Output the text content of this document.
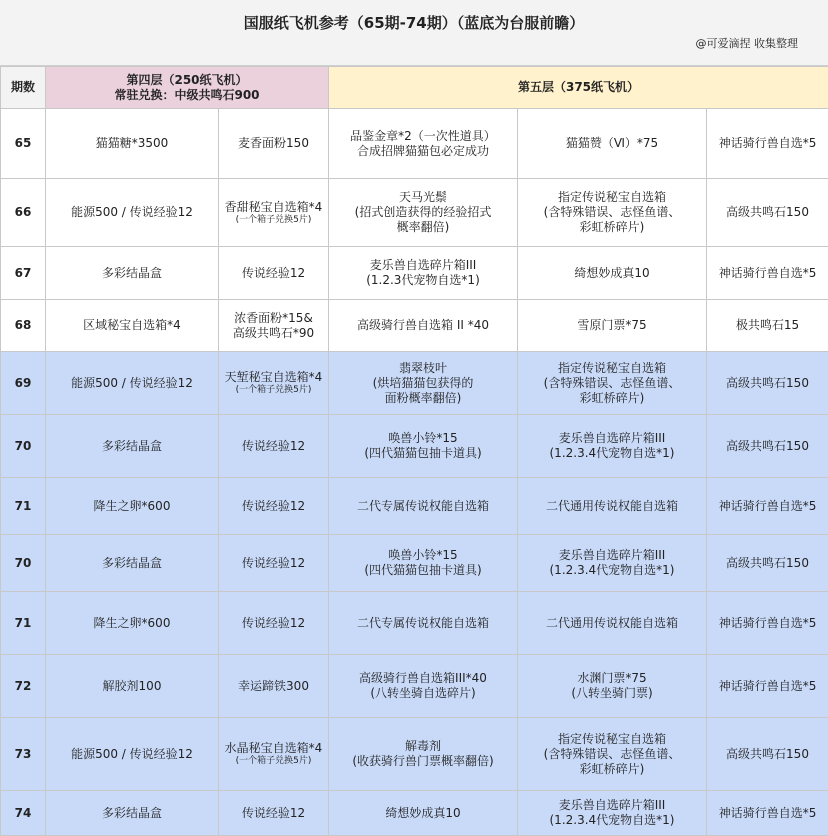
国服纸飞机参考（65期-74期）（蓝底为台服前瞻）
@可爱滴捏 收集整理
期数	第四层（250纸飞机）
常驻兑换：中级共鸣石900		第五层（375纸飞机）		
65	猫猫糖*3500	麦香面粉150	品鉴金章*2（一次性道具）
合成招牌猫猫包必定成功	猫猫赞（Ⅵ）*75	神话骑行兽自选*5

66	能源500 / 传说经验12	香甜秘宝自选箱*4
(一个箱子兑换5片)	天马光鬃
(招式创造获得的经验招式
概率翻倍)	指定传说秘宝自选箱
(含特殊错误、志怪鱼谱、
彩虹桥碎片)	高级共鸣石150

67	多彩结晶盒	传说经验12	麦乐兽自选碎片箱III
(1.2.3代宠物自选*1)	绮想妙成真10	神话骑行兽自选*5

68	区域秘宝自选箱*4	浓香面粉*15&
高级共鸣石*90	高级骑行兽自选箱 II *40	雪原门票*75	极共鸣石15

69	能源500 / 传说经验12	天堑秘宝自选箱*4
(一个箱子兑换5片)	翡翠枝叶
(烘培猫猫包获得的
面粉概率翻倍)	指定传说秘宝自选箱
(含特殊错误、志怪鱼谱、
彩虹桥碎片)	高级共鸣石150

70	多彩结晶盒	传说经验12	唤兽小铃*15
(四代猫猫包抽卡道具)	麦乐兽自选碎片箱III
(1.2.3.4代宠物自选*1)	高级共鸣石150

71	降生之卵*600	传说经验12	二代专属传说权能自选箱	二代通用传说权能自选箱	神话骑行兽自选*5

70	多彩结晶盒	传说经验12	唤兽小铃*15
(四代猫猫包抽卡道具)	麦乐兽自选碎片箱III
(1.2.3.4代宠物自选*1)	高级共鸣石150

71	降生之卵*600	传说经验12	二代专属传说权能自选箱	二代通用传说权能自选箱	神话骑行兽自选*5

72	解胶剂100	幸运蹄铁300	高级骑行兽自选箱III*40
(八转坐骑自选碎片)	水渊门票*75
(八转坐骑门票)	神话骑行兽自选*5

73	能源500 / 传说经验12	水晶秘宝自选箱*4
(一个箱子兑换5片)	解毒剂
(收获骑行兽门票概率翻倍)	指定传说秘宝自选箱
(含特殊错误、志怪鱼谱、
彩虹桥碎片)	高级共鸣石150

74	多彩结晶盒	传说经验12	绮想妙成真10	麦乐兽自选碎片箱III
(1.2.3.4代宠物自选*1)	神话骑行兽自选*5
